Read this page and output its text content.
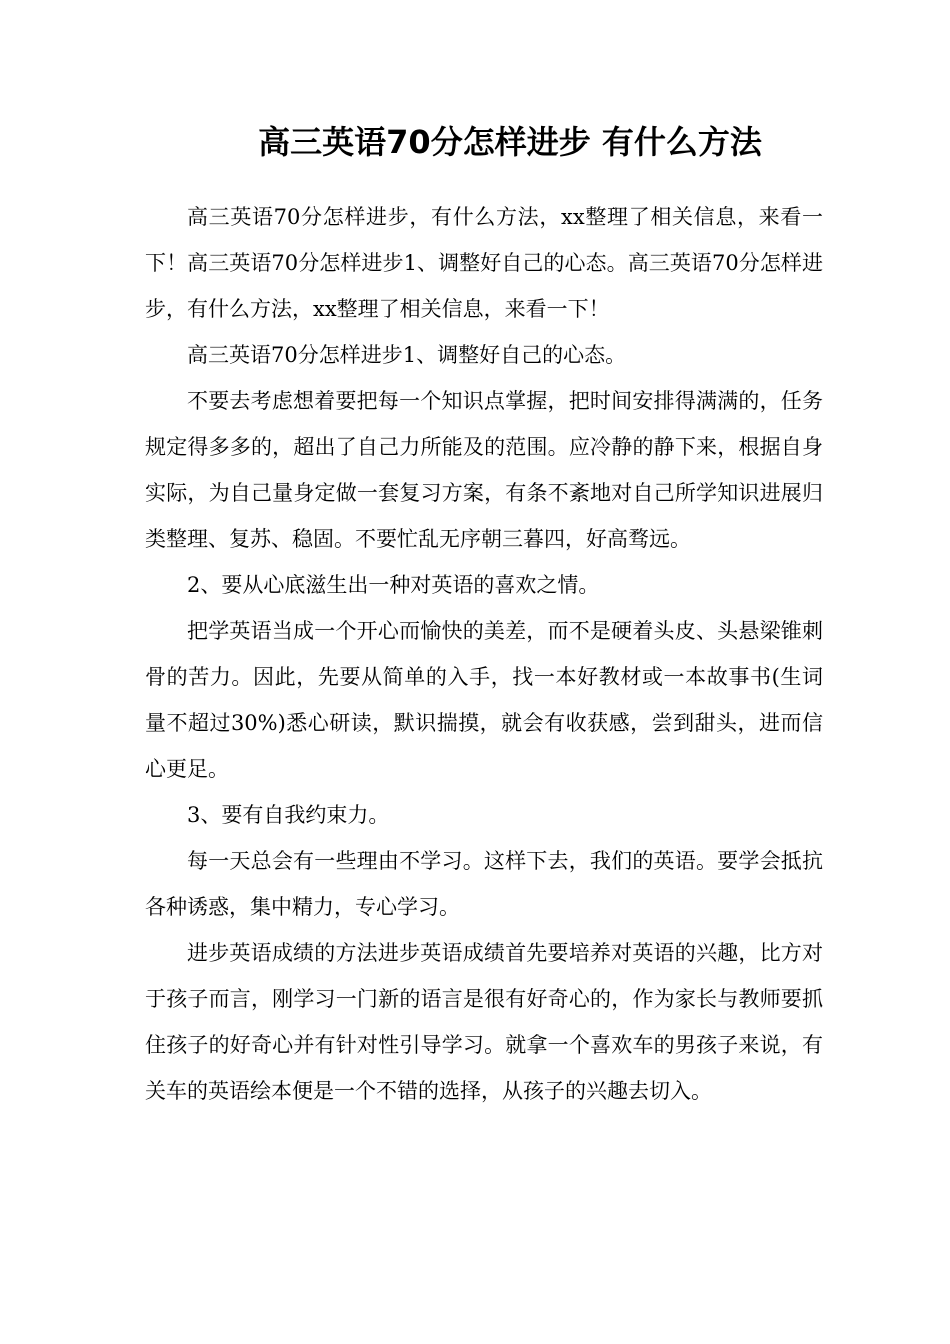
高三英语70分怎样进步 有什么方法

高三英语70分怎样进步，有什么方法，xx整理了相关信息，来看一下！高三英语70分怎样进步1、调整好自己的心态。高三英语70分怎样进步，有什么方法，xx整理了相关信息，来看一下！

高三英语70分怎样进步1、调整好自己的心态。

不要去考虑想着要把每一个知识点掌握，把时间安排得满满的，任务规定得多多的，超出了自己力所能及的范围。应冷静的静下来，根据自身实际，为自己量身定做一套复习方案，有条不紊地对自己所学知识进展归类整理、复苏、稳固。不要忙乱无序朝三暮四，好高骛远。

2、要从心底滋生出一种对英语的喜欢之情。

把学英语当成一个开心而愉快的美差，而不是硬着头皮、头悬梁锥刺骨的苦力。因此，先要从简单的入手，找一本好教材或一本故事书(生词量不超过30%)悉心研读，默识揣摸，就会有收获感，尝到甜头，进而信心更足。

3、要有自我约束力。

每一天总会有一些理由不学习。这样下去，我们的英语。要学会抵抗各种诱惑，集中精力，专心学习。

进步英语成绩的方法进步英语成绩首先要培养对英语的兴趣，比方对于孩子而言，刚学习一门新的语言是很有好奇心的，作为家长与教师要抓住孩子的好奇心并有针对性引导学习。就拿一个喜欢车的男孩子来说，有关车的英语绘本便是一个不错的选择，从孩子的兴趣去切入。
